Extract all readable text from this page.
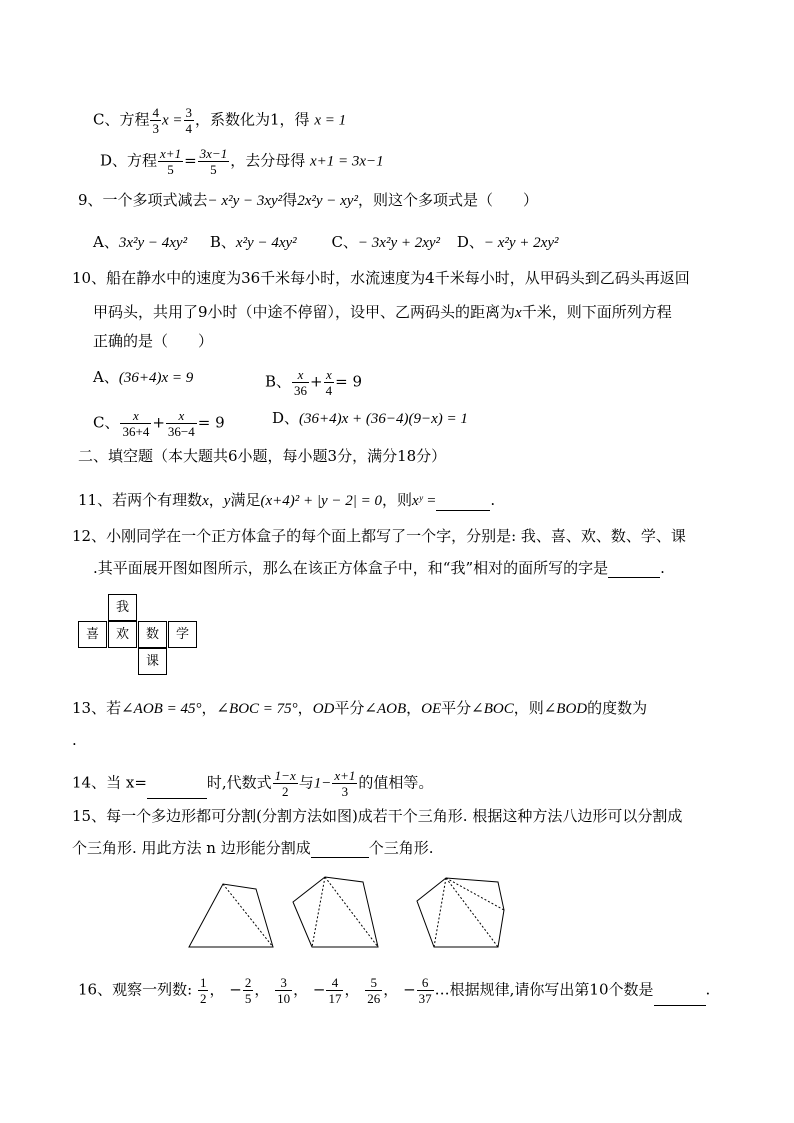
C、方程 $\frac{4}{3}$ $x = \frac{3}{4}$ ，系数化为1，得 x = 1
D、方程 $\frac{x+1}{5} = \frac{3x-1}{5}$ ，去分母得 x+1 = 3x−1
9、一个多项式减去− x²y − 3xy²得2x²y − xy²，则这个多项式是（　　）
A、3x²y − 4xy² B、x²y − 4xy² C、− 3x²y + 2xy² D、− x²y + 2xy²
10、船在静水中的速度为36千米每小时，水流速度为4千米每小时，从甲码头到乙码头再返回
甲码头，共用了9小时（中途不停留），设甲、乙两码头的距离为x千米，则下面所列方程
正确的是（　　）
A、(36+4)x = 9	B、 $\frac{x}{36} + \frac{x}{4} = 9$
C、 $\frac{x}{36+4} + \frac{x}{36-4} = 9$	D、(36+4)x + (36−4)(9−x) = 1
二、填空题（本大题共6小题，每小题3分，满分18分）
11、若两个有理数x，y满足(x+4)² + |y − 2| = 0，则xʸ =	.
12、小刚同学在一个正方体盒子的每个面上都写了一个字，分别是: 我、喜、欢、数、学、课
.其平面展开图如图所示，那么在该正方体盒子中，和“我”相对的面所写的字是	.
我
喜	欢	数	学
课
13、若∠AOB = 45°，∠BOC = 75°，OD平分∠AOB，OE平分∠BOC，则∠BOD的度数为
.
14、当 x=	时,代数式 $\frac{1-x}{2}$ 与$1- \frac{x+1}{3}$ 的值相等。
15、每一个多边形都可分割(分割方法如图)成若干个三角形. 根据这种方法八边形可以分割成
个三角形. 用此方法 n 边形能分割成	个三角形.
16、观察一列数: $\frac{1}{2}$ ， − $\frac{2}{5}$ ， $\frac{3}{10}$ ， − $\frac{4}{17}$ ， $\frac{5}{26}$ ， − $\frac{6}{37}$ …根据规律,请你写出第10个数是	.
